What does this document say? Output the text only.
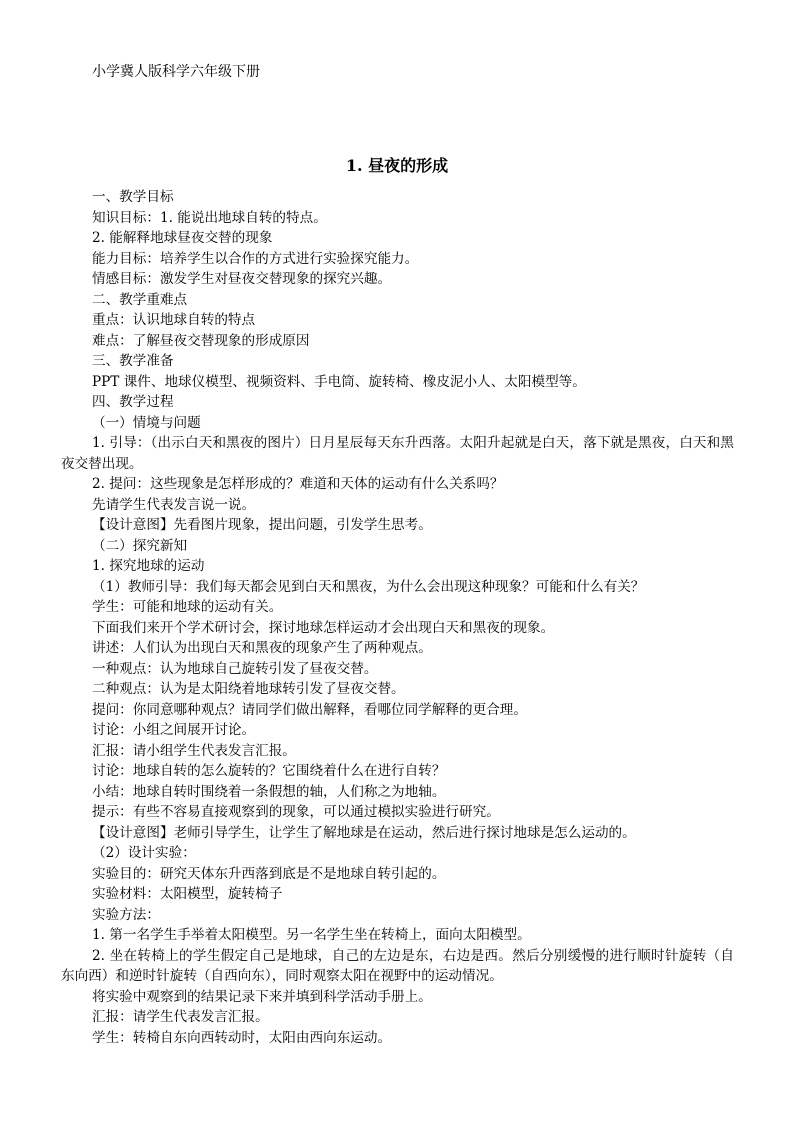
小学冀人版科学六年级下册
1. 昼夜的形成

一、教学目标

知识目标：1. 能说出地球自转的特点。

2. 能解释地球昼夜交替的现象

能力目标：培养学生以合作的方式进行实验探究能力。

情感目标：激发学生对昼夜交替现象的探究兴趣。

二、教学重难点

重点：认识地球自转的特点

难点：了解昼夜交替现象的形成原因

三、教学准备

PPT 课件、地球仪模型、视频资料、手电筒、旋转椅、橡皮泥小人、太阳模型等。

四、教学过程

（一）情境与问题

1. 引导：（出示白天和黑夜的图片）日月星辰每天东升西落。太阳升起就是白天，落下就是黑夜，白天和黑夜交替出现。

2. 提问：这些现象是怎样形成的？难道和天体的运动有什么关系吗？

先请学生代表发言说一说。

【设计意图】先看图片现象，提出问题，引发学生思考。

（二）探究新知

1. 探究地球的运动

（1）教师引导：我们每天都会见到白天和黑夜，为什么会出现这种现象？可能和什么有关？

学生：可能和地球的运动有关。

下面我们来开个学术研讨会，探讨地球怎样运动才会出现白天和黑夜的现象。

讲述：人们认为出现白天和黑夜的现象产生了两种观点。

一种观点：认为地球自己旋转引发了昼夜交替。

二种观点：认为是太阳绕着地球转引发了昼夜交替。

提问：你同意哪种观点？请同学们做出解释，看哪位同学解释的更合理。

讨论：小组之间展开讨论。

汇报：请小组学生代表发言汇报。

讨论：地球自转的怎么旋转的？它围绕着什么在进行自转？

小结：地球自转时围绕着一条假想的轴，人们称之为地轴。

提示：有些不容易直接观察到的现象，可以通过模拟实验进行研究。

【设计意图】老师引导学生，让学生了解地球是在运动，然后进行探讨地球是怎么运动的。

（2）设计实验：

实验目的：研究天体东升西落到底是不是地球自转引起的。

实验材料：太阳模型，旋转椅子

实验方法：

1. 第一名学生手举着太阳模型。另一名学生坐在转椅上，面向太阳模型。

2. 坐在转椅上的学生假定自己是地球，自己的左边是东，右边是西。然后分别缓慢的进行顺时针旋转（自东向西）和逆时针旋转（自西向东），同时观察太阳在视野中的运动情况。

将实验中观察到的结果记录下来并填到科学活动手册上。

汇报：请学生代表发言汇报。

学生：转椅自东向西转动时，太阳由西向东运动。
